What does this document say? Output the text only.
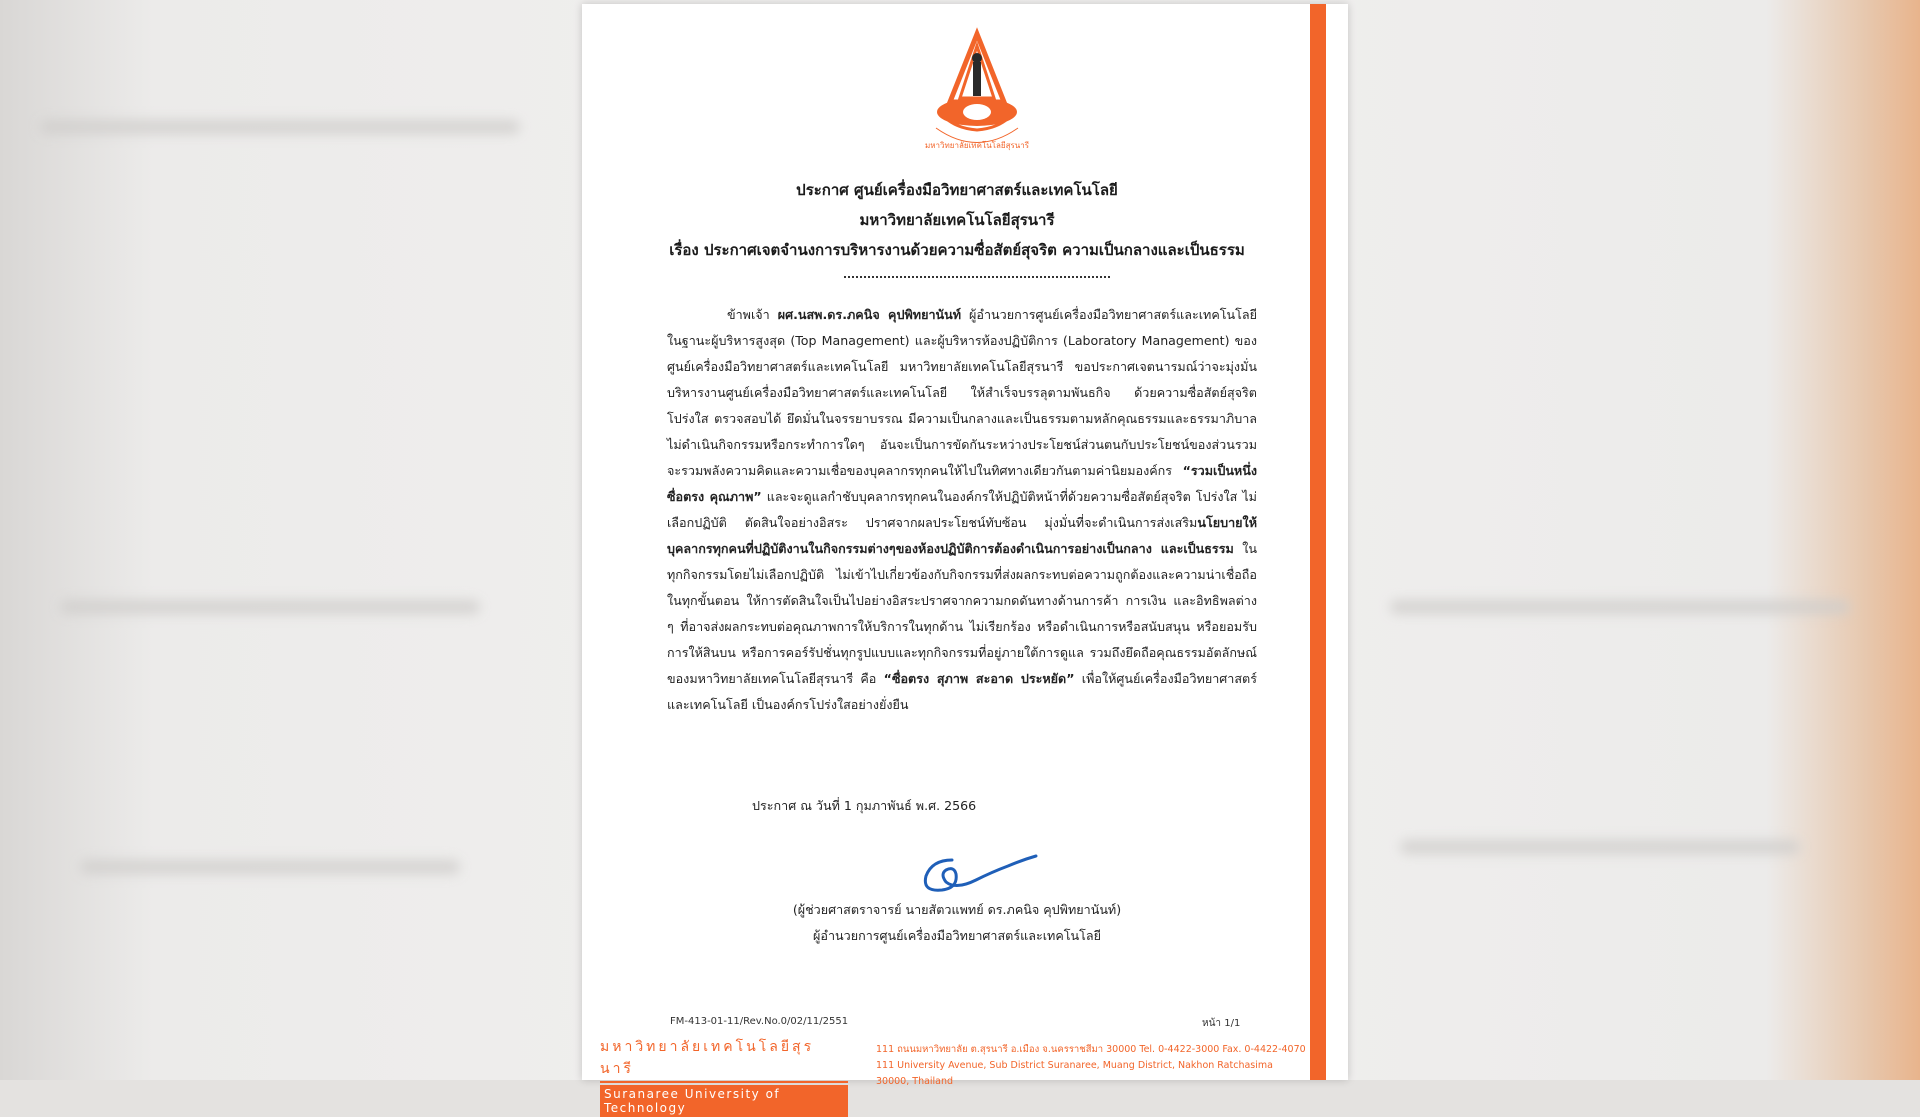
มหาวิทยาลัยเทคโนโลยีสุรนารี
ประกาศ ศูนย์เครื่องมือวิทยาศาสตร์และเทคโนโลยี
มหาวิทยาลัยเทคโนโลยีสุรนารี
เรื่อง ประกาศเจตจำนงการบริหารงานด้วยความซื่อสัตย์สุจริต ความเป็นกลางและเป็นธรรม

ข้าพเจ้า ผศ.นสพ.ดร.ภคนิจ คุปพิทยานันท์ ผู้อำนวยการศูนย์เครื่องมือวิทยาศาสตร์และเทคโนโลยี ในฐานะผู้บริหารสูงสุด (Top Management) และผู้บริหารห้องปฏิบัติการ (Laboratory Management) ของศูนย์เครื่องมือวิทยาศาสตร์และเทคโนโลยี มหาวิทยาลัยเทคโนโลยีสุรนารี ขอประกาศเจตนารมณ์ว่าจะมุ่งมั่นบริหารงานศูนย์เครื่องมือวิทยาศาสตร์และเทคโนโลยี ให้สำเร็จบรรลุตามพันธกิจ ด้วยความซื่อสัตย์สุจริต โปร่งใส ตรวจสอบได้ ยึดมั่นในจรรยาบรรณ มีความเป็นกลางและเป็นธรรมตามหลักคุณธรรมและธรรมาภิบาล ไม่ดำเนินกิจกรรมหรือกระทำการใดๆ อันจะเป็นการขัดกันระหว่างประโยชน์ส่วนตนกับประโยชน์ของส่วนรวม จะรวมพลังความคิดและความเชื่อของบุคลากรทุกคนให้ไปในทิศทางเดียวกันตามค่านิยมองค์กร “รวมเป็นหนึ่ง ซื่อตรง คุณภาพ” และจะดูแลกำชับบุคลากรทุกคนในองค์กรให้ปฏิบัติหน้าที่ด้วยความซื่อสัตย์สุจริต โปร่งใส ไม่เลือกปฏิบัติ ตัดสินใจอย่างอิสระ ปราศจากผลประโยชน์ทับซ้อน มุ่งมั่นที่จะดำเนินการส่งเสริมนโยบายให้บุคลากรทุกคนที่ปฏิบัติงานในกิจกรรมต่างๆของห้องปฏิบัติการต้องดำเนินการอย่างเป็นกลาง และเป็นธรรม ในทุกกิจกรรมโดยไม่เลือกปฏิบัติ ไม่เข้าไปเกี่ยวข้องกับกิจกรรมที่ส่งผลกระทบต่อความถูกต้องและความน่าเชื่อถือในทุกขั้นตอน ให้การตัดสินใจเป็นไปอย่างอิสระปราศจากความกดดันทางด้านการค้า การเงิน และอิทธิพลต่าง ๆ ที่อาจส่งผลกระทบต่อคุณภาพการให้บริการในทุกด้าน ไม่เรียกร้อง หรือดำเนินการหรือสนับสนุน หรือยอมรับการให้สินบน หรือการคอร์รัปชั่นทุกรูปแบบและทุกกิจกรรมที่อยู่ภายใต้การดูแล รวมถึงยึดถือคุณธรรมอัตลักษณ์ของมหาวิทยาลัยเทคโนโลยีสุรนารี คือ “ซื่อตรง สุภาพ สะอาด ประหยัด” เพื่อให้ศูนย์เครื่องมือวิทยาศาสตร์และเทคโนโลยี เป็นองค์กรโปร่งใสอย่างยั่งยืน

ประกาศ ณ วันที่ 1 กุมภาพันธ์ พ.ศ. 2566
(ผู้ช่วยศาสตราจารย์ นายสัตวแพทย์ ดร.ภคนิจ คุปพิทยานันท์)
ผู้อำนวยการศูนย์เครื่องมือวิทยาศาสตร์และเทคโนโลยี
FM-413-01-11/Rev.No.0/02/11/2551	หน้า 1/1
มหาวิทยาลัยเทคโนโลยีสุรนารี
Suranaree University of Technology
111 ถนนมหาวิทยาลัย ต.สุรนารี อ.เมือง จ.นครราชสีมา 30000 Tel. 0-4422-3000 Fax. 0-4422-4070
111 University Avenue, Sub District Suranaree, Muang District, Nakhon Ratchasima 30000, Thailand
